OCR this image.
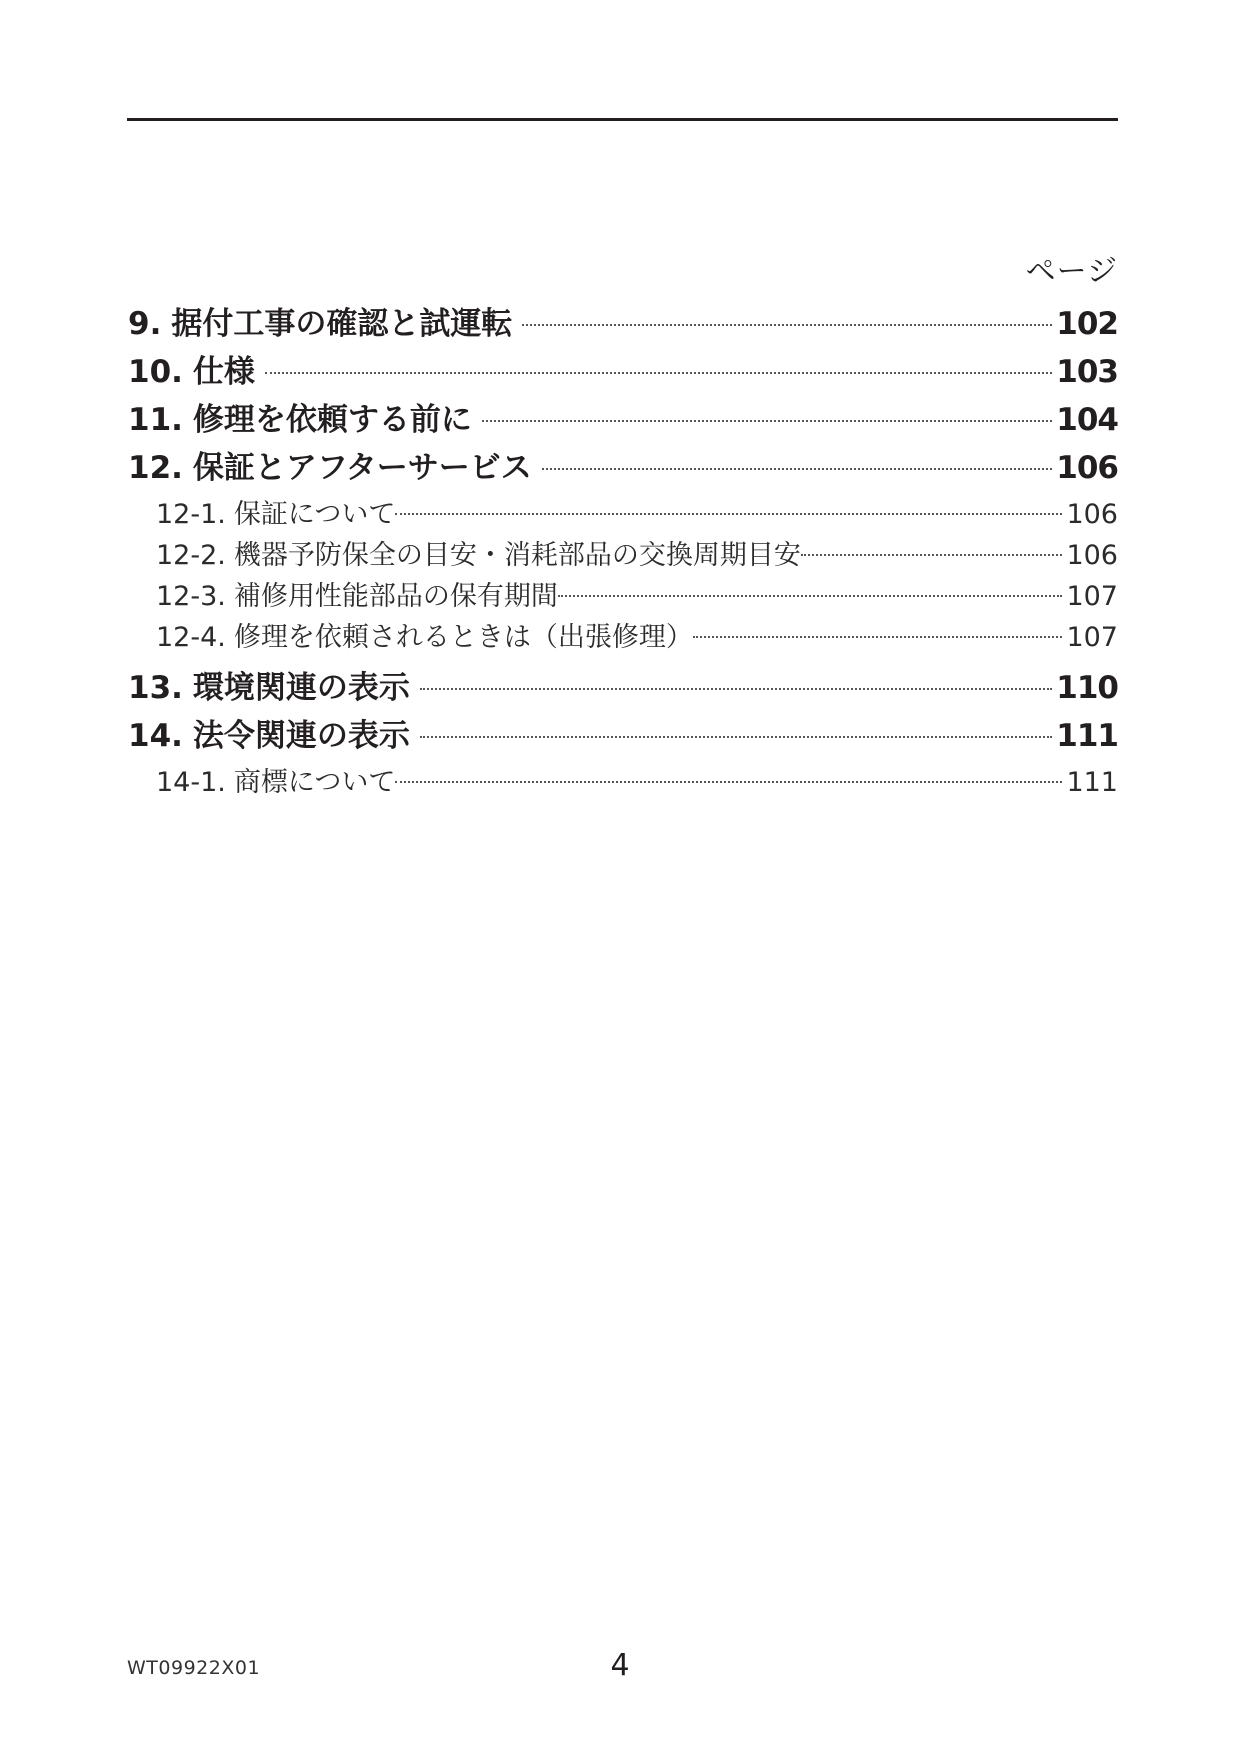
ページ
9. 据付工事の確認と試運転	102
10. 仕様	103
11. 修理を依頼する前に	104
12. 保証とアフターサービス	106
12-1. 保証について	106
12-2. 機器予防保全の目安・消耗部品の交換周期目安	106
12-3. 補修用性能部品の保有期間	107
12-4. 修理を依頼されるときは（出張修理）	107
13. 環境関連の表示	110
14. 法令関連の表示	111
14-1. 商標について	111
WT09922X01	4
